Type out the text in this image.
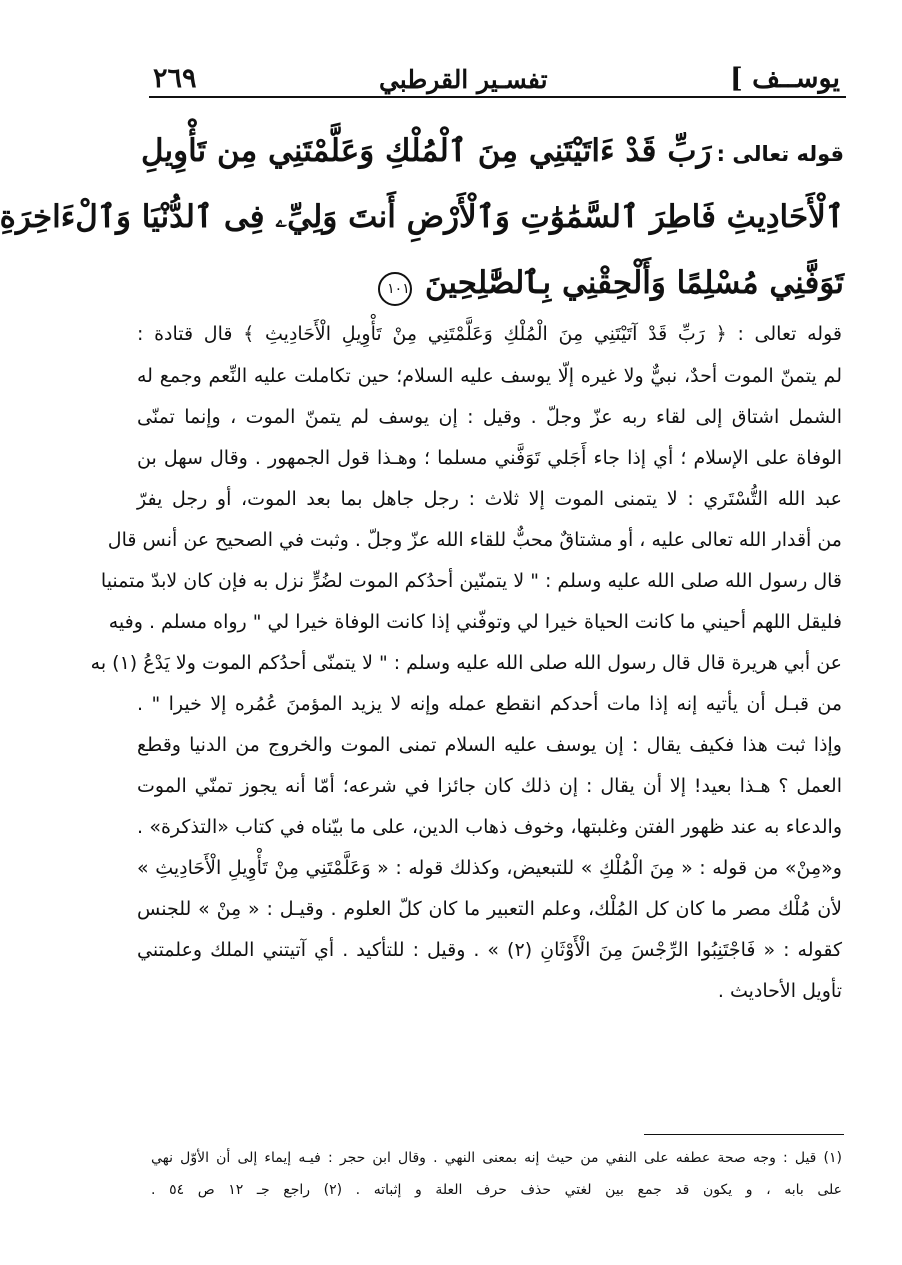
يوســف ]
تفسـير القرطبي
٢٦٩
قوله تعالى : رَبِّ قَدْ ءَاتَيْتَنِي مِنَ ٱلْمُلْكِ وَعَلَّمْتَنِي مِن تَأْوِيلِ
ٱلْأَحَادِيثِ فَاطِرَ ٱلسَّمَٰوَٰتِ وَٱلْأَرْضِ أَنتَ وَلِيِّۦ فِى ٱلدُّنْيَا وَٱلْءَاخِرَةِ
تَوَفَّنِي مُسْلِمًا وَأَلْحِقْنِي بِٱلصَّٰلِحِينَ ١٠١
قوله تعالى : ﴿ رَبِّ قَدْ آتَيْتَنِي مِنَ الْمُلْكِ وَعَلَّمْتَنِي مِنْ تَأْوِيلِ الْأَحَادِيثِ ﴾ قال قتادة :
لم يتمنّ الموت أحدٌ، نبيٌّ ولا غيره إلّا يوسف عليه السلام؛ حين تكاملت عليه النِّعم وجمع له
الشمل اشتاق إلى لقاء ربه عزّ وجلّ . وقيل : إن يوسف لم يتمنّ الموت ، وإنما تمنّى
الوفاة على الإسلام ؛ أي إذا جاء أَجَلي تَوَفَّني مسلما ؛ وهـذا قول الجمهور . وقال سهل بن
عبد الله التُّسْتَري : لا يتمنى الموت إلا ثلاث : رجل جاهل بما بعد الموت، أو رجل يفرّ
من أقدار الله تعالى عليه ، أو مشتاقٌ محبٌّ للقاء الله عزّ وجلّ . وثبت في الصحيح عن أنس قال
قال رسول الله صلى الله عليه وسلم : " لا يتمنّين أحدُكم الموت لضُرٍّ نزل به فإن كان لابدّ متمنيا
فليقل اللهم أحيني ما كانت الحياة خيرا لي وتوفّني إذا كانت الوفاة خيرا لي " رواه مسلم . وفيه
عن أبي هريرة قال قال رسول الله صلى الله عليه وسلم : " لا يتمنّى أحدُكم الموت ولا يَدْعُ (١) به
من قبـل أن يأتيه إنه إذا مات أحدكم انقطع عمله وإنه لا يزيد المؤمنَ عُمُره إلا خيرا " .
وإذا ثبت هذا فكيف يقال : إن يوسف عليه السلام تمنى الموت والخروج من الدنيا وقطع
العمل ؟ هـذا بعيد! إلا أن يقال : إن ذلك كان جائزا في شرعه؛ أمّا أنه يجوز تمنّي الموت
والدعاء به عند ظهور الفتن وغلبتها، وخوف ذهاب الدين، على ما بيّناه في كتاب «التذكرة» .
و«مِنْ» من قوله : « مِنَ الْمُلْكِ » للتبعيض، وكذلك قوله : « وَعَلَّمْتَنِي مِنْ تَأْوِيلِ الْأَحَادِيثِ »
لأن مُلْك مصر ما كان كل المُلْك، وعلم التعبير ما كان كلّ العلوم . وقيـل : « مِنْ » للجنس
كقوله : « فَاجْتَنِبُوا الرِّجْسَ مِنَ الْأَوْثَانِ (٢) » . وقيل : للتأكيد . أي آتيتني الملك وعلمتني
تأويل الأحاديث .
(١) قيل : وجه صحة عطفه على النفي من حيث إنه بمعنى النهي . وقال ابن حجر : فيـه إيماء إلى أن الأوّل نهي
على بابه ، و يكون قد جمع بين لغتي حذف حرف العلة و إثباته . (٢) راجع جـ ١٢ ص ٥٤ .
